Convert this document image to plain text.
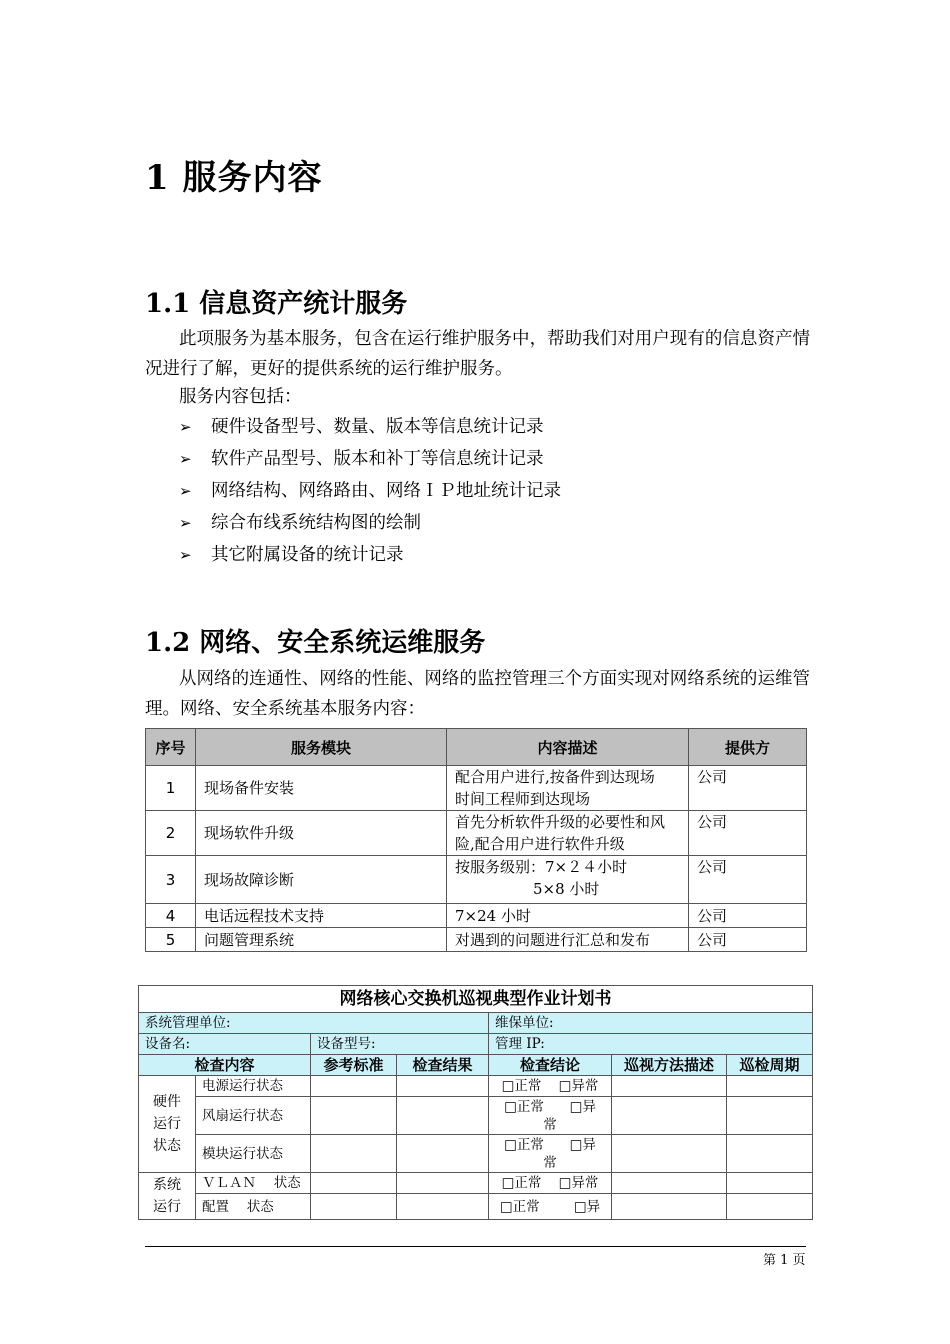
1 服务内容
1.1 信息资产统计服务

此项服务为基本服务，包含在运行维护服务中，帮助我们对用户现有的信息资产情况进行了解，更好的提供系统的运行维护服务。

服务内容包括：

➢ 硬件设备型号、数量、版本等信息统计记录
➢ 软件产品型号、版本和补丁等信息统计记录
➢ 网络结构、网络路由、网络ＩＰ地址统计记录
➢ 综合布线系统结构图的绘制
➢ 其它附属设备的统计记录
1.2 网络、安全系统运维服务

从网络的连通性、网络的性能、网络的监控管理三个方面实现对网络系统的运维管理。网络、安全系统基本服务内容：

序号	服务模块	内容描述	提供方
1	现场备件安装	配合用户进行,按备件到达现场
时间工程师到达现场	公司
2	现场软件升级	首先分析软件升级的必要性和风
险,配合用户进行软件升级	公司
3	现场故障诊断	按服务级别：7×２４小时
5×8 小时	公司
4	电话远程技术支持	7×24 小时	公司
5	问题管理系统	对遇到的问题进行汇总和发布	公司
网络核心交换机巡视典型作业计划书						
系统管理单位:				维保单位:		
设备名:		设备型号:		管理 IP:		
检查内容		参考标准	检查结果	检查结论	巡视方法描述	巡检周期

硬件
运行
状态	电源运行状态			□正常 □异常		
	风扇运行状态			□正常 □异
常		

	模块运行状态			□正常 □异
常		

系统
运行	ＶＬＡＮ　 状态			□正常 □异常		
	配置　 状态			□正常 □异		
第 1 页
